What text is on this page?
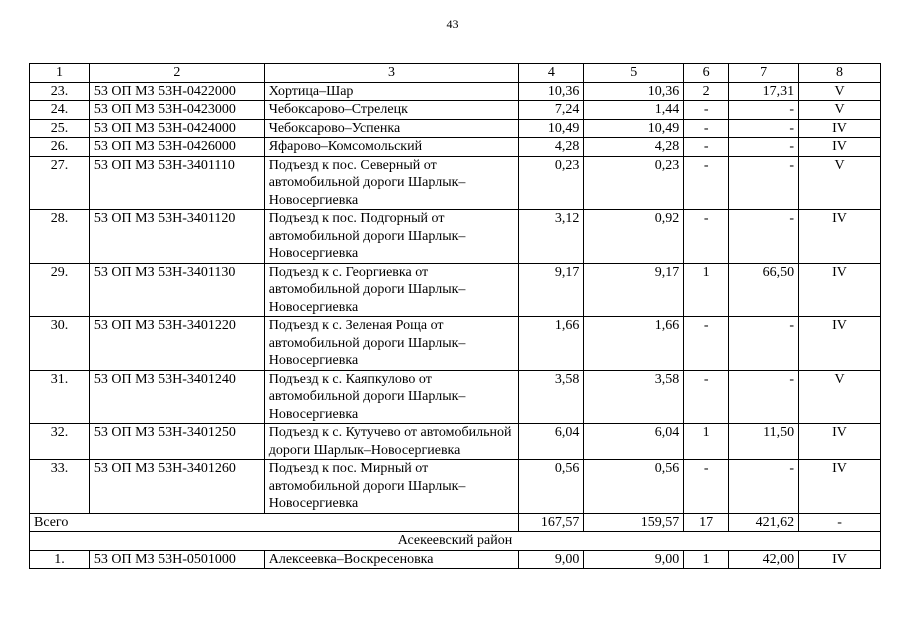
43
1	2	3	4	5	6	7	8
23.	53 ОП МЗ 53Н-0422000	Хортица–Шар	10,36	10,36	2	17,31	V
24.	53 ОП МЗ 53Н-0423000	Чебоксарово–Стрелецк	7,24	1,44	-	-	V
25.	53 ОП МЗ 53Н-0424000	Чебоксарово–Успенка	10,49	10,49	-	-	IV
26.	53 ОП МЗ 53Н-0426000	Яфарово–Комсомольский	4,28	4,28	-	-	IV
27.	53 ОП МЗ 53Н-3401110	Подъезд к пос. Северный от автомобильной дороги Шарлык–Новосергиевка	0,23	0,23	-	-	V
28.	53 ОП МЗ 53Н-3401120	Подъезд к пос. Подгорный от автомобильной дороги Шарлык–Новосергиевка	3,12	0,92	-	-	IV
29.	53 ОП МЗ 53Н-3401130	Подъезд к с. Георгиевка от автомобильной дороги Шарлык–Новосергиевка	9,17	9,17	1	66,50	IV
30.	53 ОП МЗ 53Н-3401220	Подъезд к с. Зеленая Роща от автомобильной дороги Шарлык–Новосергиевка	1,66	1,66	-	-	IV
31.	53 ОП МЗ 53Н-3401240	Подъезд к с. Каяпкулово от автомобильной дороги Шарлык–Новосергиевка	3,58	3,58	-	-	V
32.	53 ОП МЗ 53Н-3401250	Подъезд к с. Кутучево от автомобильной дороги Шарлык–Новосергиевка	6,04	6,04	1	11,50	IV
33.	53 ОП МЗ 53Н-3401260	Подъезд к пос. Мирный от автомобильной дороги Шарлык–Новосергиевка	0,56	0,56	-	-	IV
Всего			167,57	159,57	17	421,62	-
Асекеевский район							
1.	53 ОП МЗ 53Н-0501000	Алексеевка–Воскресеновка	9,00	9,00	1	42,00	IV
